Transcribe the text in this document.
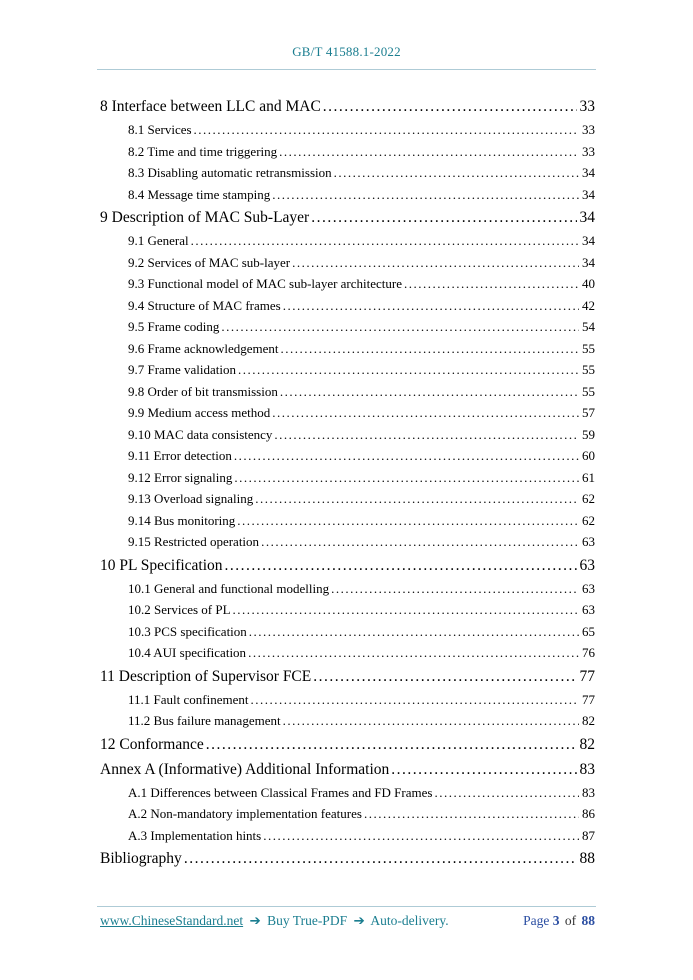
GB/T 41588.1-2022
8 Interface between LLC and MAC .....	33
8.1 Services .....	33
8.2 Time and time triggering .....	33
8.3 Disabling automatic retransmission .....	34
8.4 Message time stamping .....	34
9 Description of MAC Sub-Layer .....	34
9.1 General .....	34
9.2 Services of MAC sub-layer .....	34
9.3 Functional model of MAC sub-layer architecture .....	40
9.4 Structure of MAC frames .....	42
9.5 Frame coding .....	54
9.6 Frame acknowledgement .....	55
9.7 Frame validation .....	55
9.8 Order of bit transmission .....	55
9.9 Medium access method .....	57
9.10 MAC data consistency .....	59
9.11 Error detection .....	60
9.12 Error signaling .....	61
9.13 Overload signaling .....	62
9.14 Bus monitoring .....	62
9.15 Restricted operation .....	63
10 PL Specification .....	63
10.1 General and functional modelling .....	63
10.2 Services of PL .....	63
10.3 PCS specification .....	65
10.4 AUI specification .....	76
11 Description of Supervisor FCE .....	77
11.1 Fault confinement .....	77
11.2 Bus failure management .....	82
12 Conformance .....	82
Annex A (Informative) Additional Information .....	83
A.1 Differences between Classical Frames and FD Frames .....	83
A.2 Non-mandatory implementation features .....	86
A.3 Implementation hints .....	87
Bibliography .....	88
www.ChineseStandard.net ➔ Buy True-PDF ➔ Auto-delivery.	Page 3 of 88
